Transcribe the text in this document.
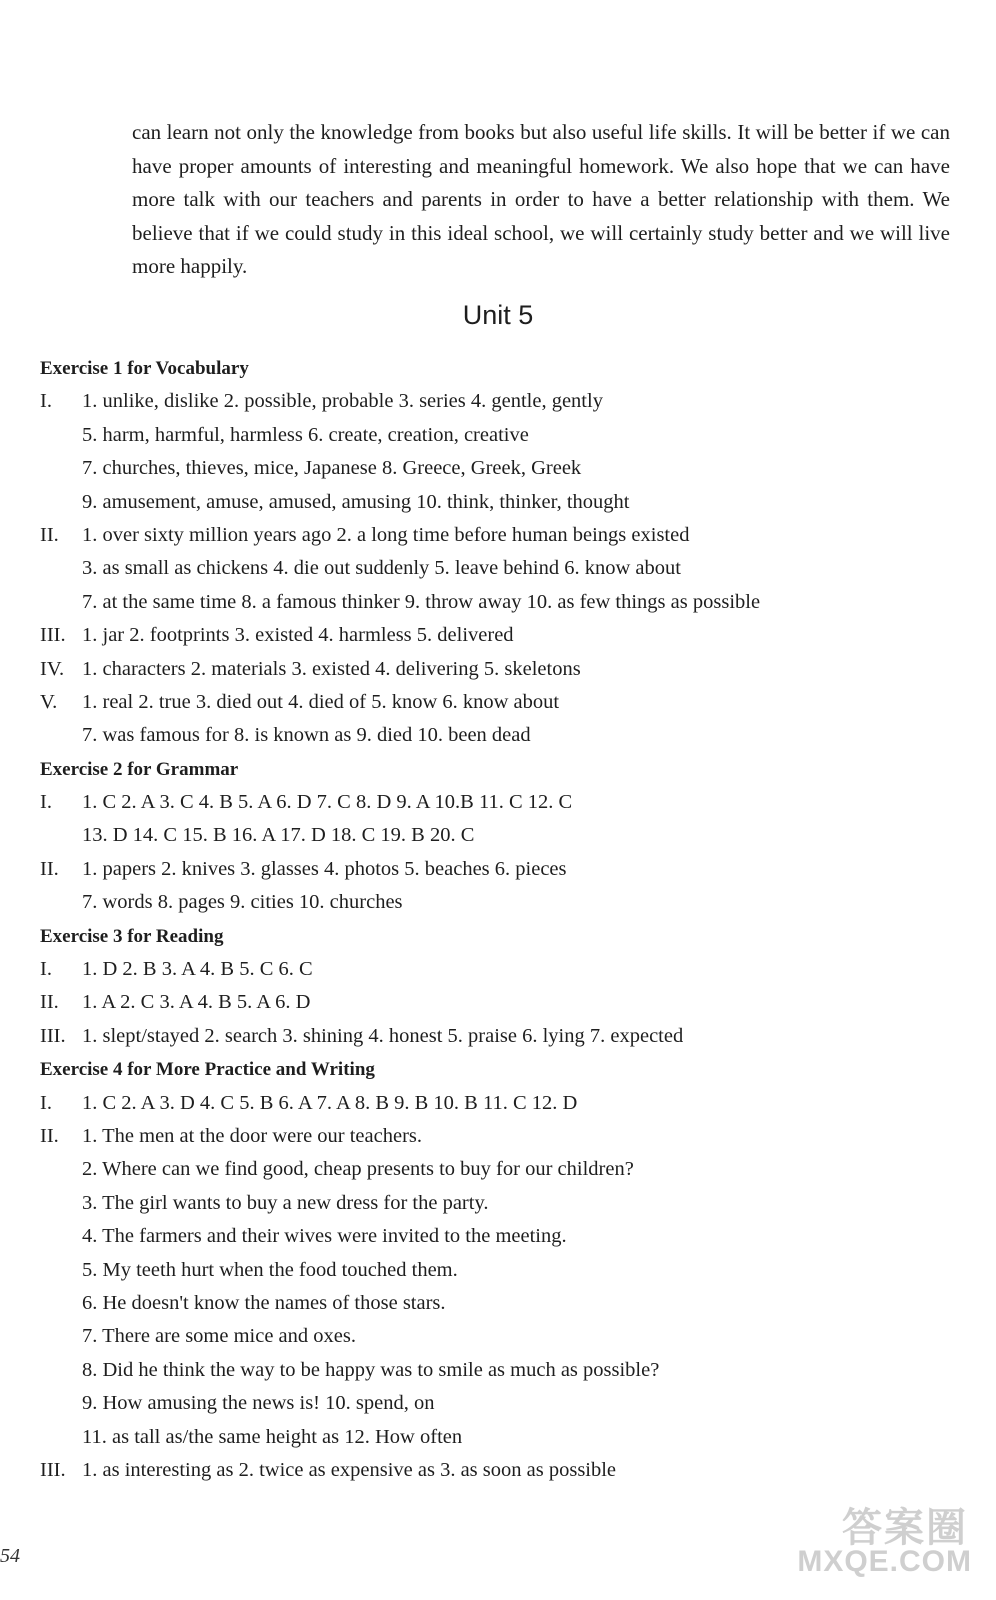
can learn not only the knowledge from books but also useful life skills. It will be better if we can have proper amounts of interesting and meaningful homework. We also hope that we can have more talk with our teachers and parents in order to have a better relationship with them. We believe that if we could study in this ideal school, we will certainly study better and we will live more happily.
Unit 5
Exercise 1 for Vocabulary
I. 1. unlike, dislike 2. possible, probable 3. series 4. gentle, gently
5. harm, harmful, harmless 6. create, creation, creative
7. churches, thieves, mice, Japanese 8. Greece, Greek, Greek
9. amusement, amuse, amused, amusing 10. think, thinker, thought
II. 1. over sixty million years ago 2. a long time before human beings existed
3. as small as chickens 4. die out suddenly 5. leave behind 6. know about
7. at the same time 8. a famous thinker 9. throw away 10. as few things as possible
III. 1. jar 2. footprints 3. existed 4. harmless 5. delivered
IV. 1. characters 2. materials 3. existed 4. delivering 5. skeletons
V. 1. real 2. true 3. died out 4. died of 5. know 6. know about
7. was famous for 8. is known as 9. died 10. been dead
Exercise 2 for Grammar
I. 1. C 2. A 3. C 4. B 5. A 6. D 7. C 8. D 9. A 10.B 11. C 12. C
13. D 14. C 15. B 16. A 17. D 18. C 19. B 20. C
II. 1. papers 2. knives 3. glasses 4. photos 5. beaches 6. pieces
7. words 8. pages 9. cities 10. churches
Exercise 3 for Reading
I. 1. D 2. B 3. A 4. B 5. C 6. C
II. 1. A 2. C 3. A 4. B 5. A 6. D
III. 1. slept/stayed 2. search 3. shining 4. honest 5. praise 6. lying 7. expected
Exercise 4 for More Practice and Writing
I. 1. C 2. A 3. D 4. C 5. B 6. A 7. A 8. B 9. B 10. B 11. C 12. D
II. 1. The men at the door were our teachers.
2. Where can we find good, cheap presents to buy for our children?
3. The girl wants to buy a new dress for the party.
4. The farmers and their wives were invited to the meeting.
5. My teeth hurt when the food touched them.
6. He doesn't know the names of those stars.
7. There are some mice and oxes.
8. Did he think the way to be happy was to smile as much as possible?
9. How amusing the news is! 10. spend, on
11. as tall as/the same height as 12. How often
III. 1. as interesting as 2. twice as expensive as 3. as soon as possible
54
答案圈
MXQE.COM
